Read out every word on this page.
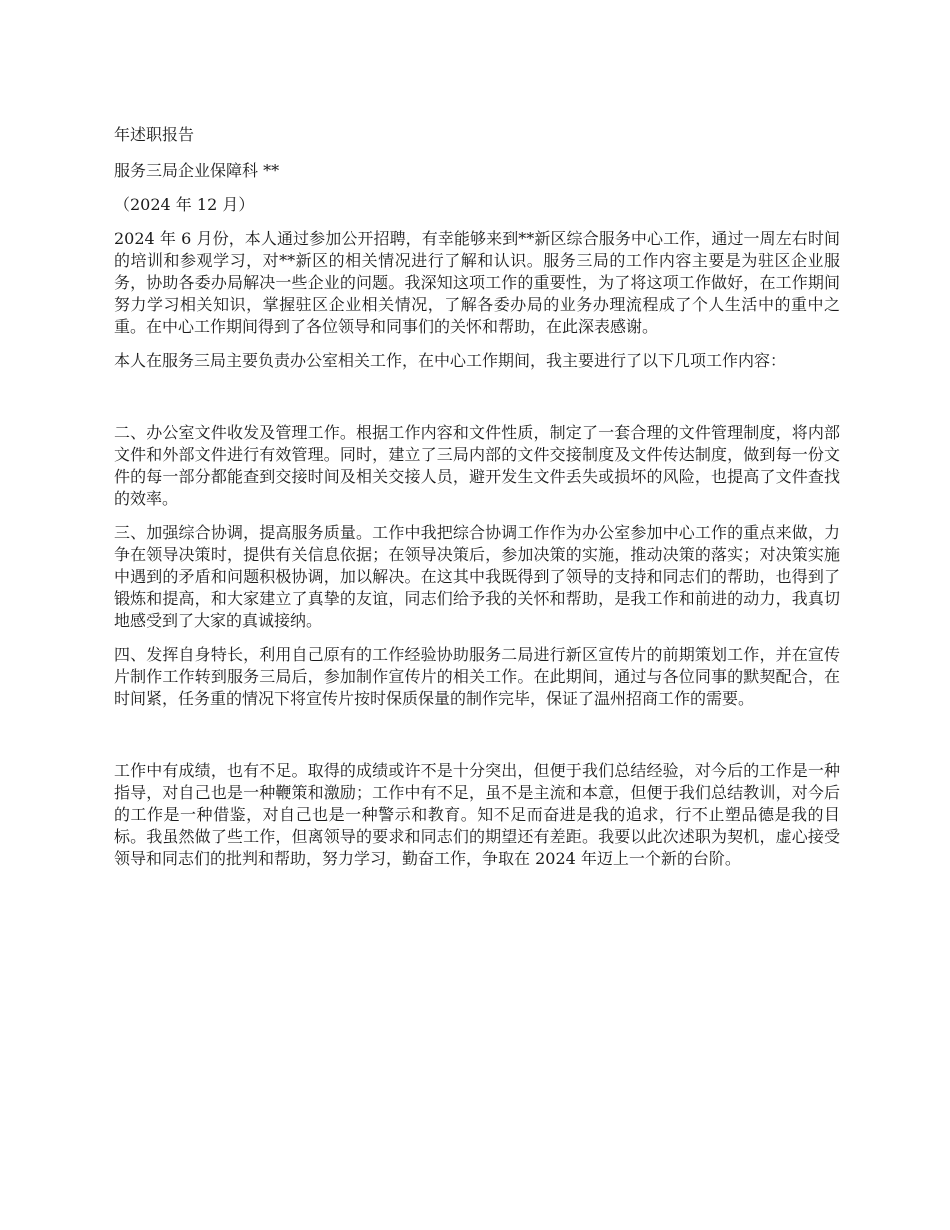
年述职报告

服务三局企业保障科 **

（2024 年 12 月）

2024 年 6 月份，本人通过参加公开招聘，有幸能够来到**新区综合服务中心工作，通过一周左右时间的培训和参观学习，对**新区的相关情况进行了解和认识。服务三局的工作内容主要是为驻区企业服务，协助各委办局解决一些企业的问题。我深知这项工作的重要性，为了将这项工作做好，在工作期间努力学习相关知识，掌握驻区企业相关情况，了解各委办局的业务办理流程成了个人生活中的重中之重。在中心工作期间得到了各位领导和同事们的关怀和帮助，在此深表感谢。

本人在服务三局主要负责办公室相关工作，在中心工作期间，我主要进行了以下几项工作内容：

二、办公室文件收发及管理工作。根据工作内容和文件性质，制定了一套合理的文件管理制度，将内部文件和外部文件进行有效管理。同时，建立了三局内部的文件交接制度及文件传达制度，做到每一份文件的每一部分都能查到交接时间及相关交接人员，避开发生文件丢失或损坏的风险，也提高了文件查找的效率。

三、加强综合协调，提高服务质量。工作中我把综合协调工作作为办公室参加中心工作的重点来做，力争在领导决策时，提供有关信息依据；在领导决策后，参加决策的实施，推动决策的落实；对决策实施中遇到的矛盾和问题积极协调，加以解决。在这其中我既得到了领导的支持和同志们的帮助，也得到了锻炼和提高，和大家建立了真挚的友谊，同志们给予我的关怀和帮助，是我工作和前进的动力，我真切地感受到了大家的真诚接纳。

四、发挥自身特长，利用自己原有的工作经验协助服务二局进行新区宣传片的前期策划工作，并在宣传片制作工作转到服务三局后，参加制作宣传片的相关工作。在此期间，通过与各位同事的默契配合，在时间紧，任务重的情况下将宣传片按时保质保量的制作完毕，保证了温州招商工作的需要。

工作中有成绩，也有不足。取得的成绩或许不是十分突出，但便于我们总结经验，对今后的工作是一种指导，对自己也是一种鞭策和激励；工作中有不足，虽不是主流和本意，但便于我们总结教训，对今后的工作是一种借鉴，对自己也是一种警示和教育。知不足而奋进是我的追求，行不止塑品德是我的目标。我虽然做了些工作，但离领导的要求和同志们的期望还有差距。我要以此次述职为契机，虚心接受领导和同志们的批判和帮助，努力学习，勤奋工作，争取在 2024 年迈上一个新的台阶。
